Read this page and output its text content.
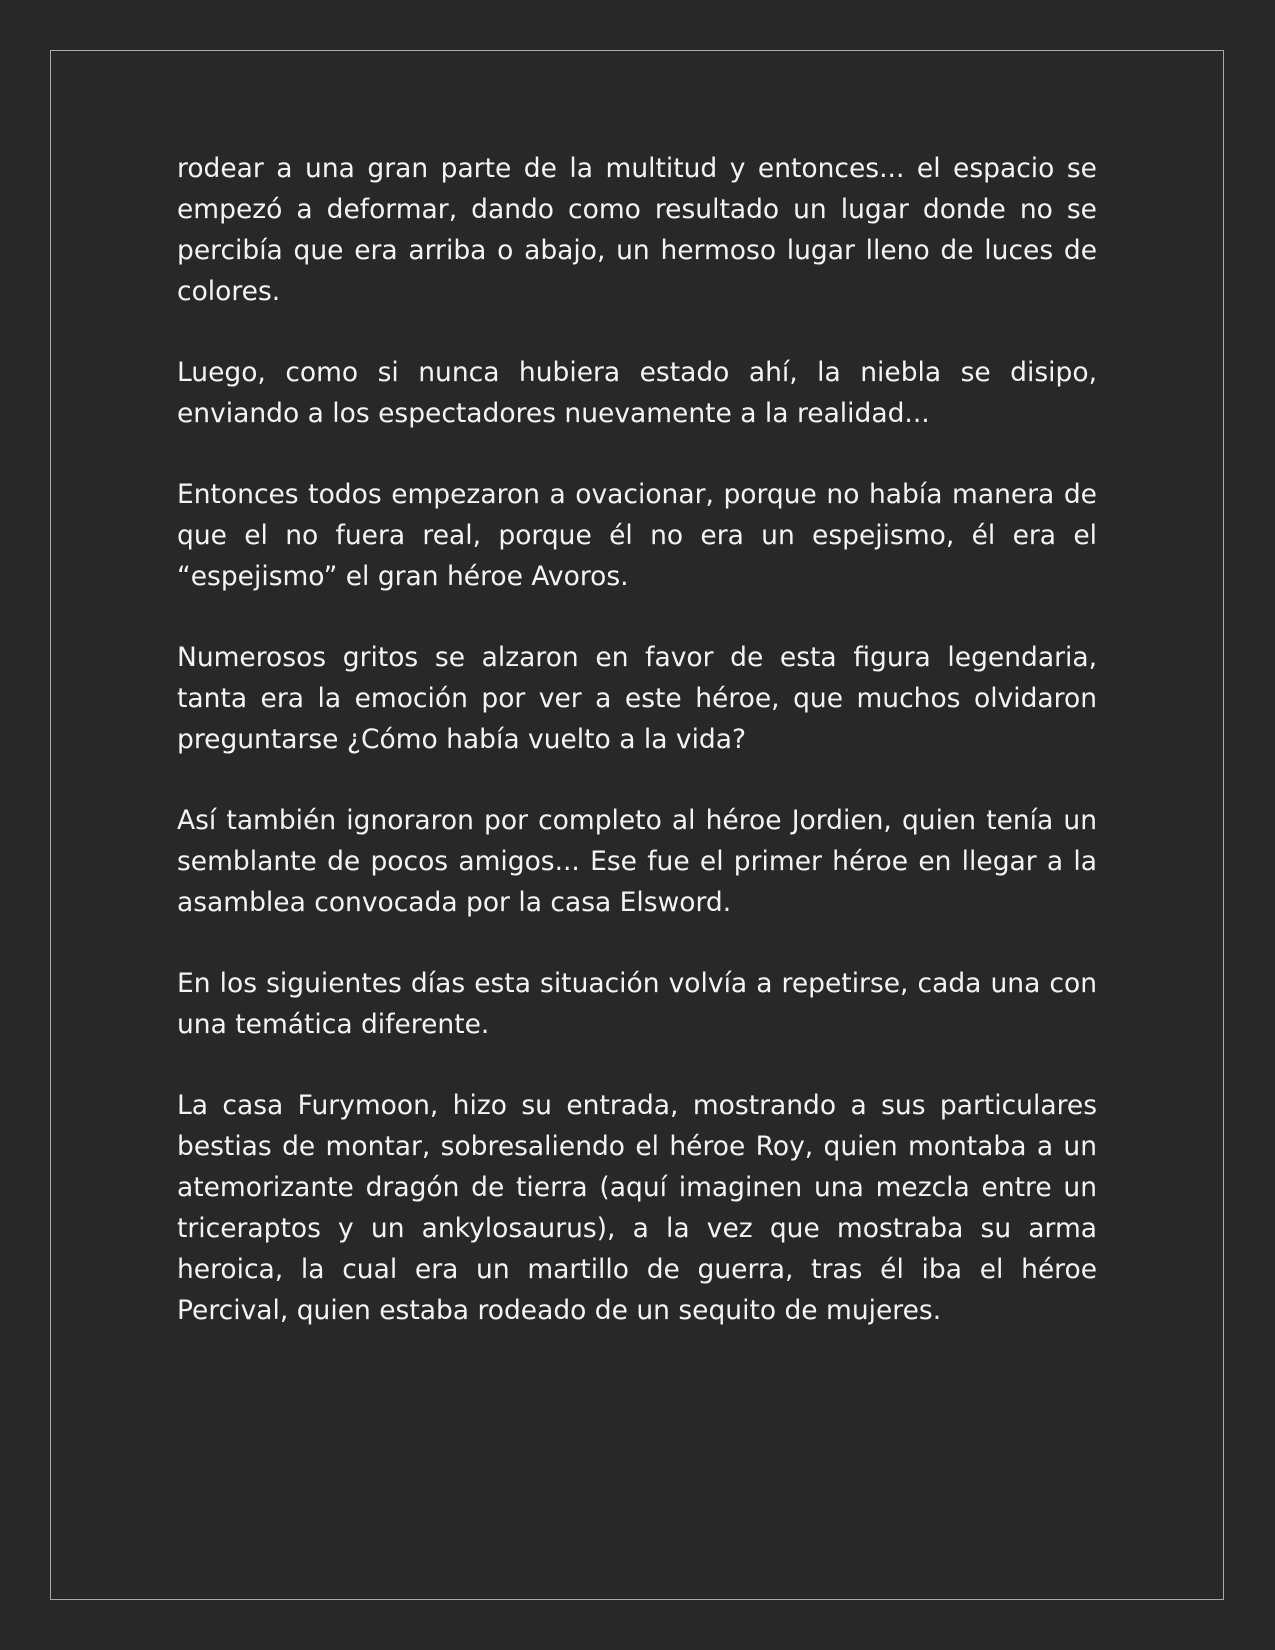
rodear a una gran parte de la multitud y entonces... el espacio se empezó a deformar, dando como resultado un lugar donde no se percibía que era arriba o abajo, un hermoso lugar lleno de luces de colores.

Luego, como si nunca hubiera estado ahí, la niebla se disipo, enviando a los espectadores nuevamente a la realidad...

Entonces todos empezaron a ovacionar, porque no había manera de que el no fuera real, porque él no era un espejismo, él era el “espejismo” el gran héroe Avoros.

Numerosos gritos se alzaron en favor de esta figura legendaria, tanta era la emoción por ver a este héroe, que muchos olvidaron preguntarse ¿Cómo había vuelto a la vida?

Así también ignoraron por completo al héroe Jordien, quien tenía un semblante de pocos amigos... Ese fue el primer héroe en llegar a la asamblea convocada por la casa Elsword.

En los siguientes días esta situación volvía a repetirse, cada una con una temática diferente.

La casa Furymoon, hizo su entrada, mostrando a sus particulares bestias de montar, sobresaliendo el héroe Roy, quien montaba a un atemorizante dragón de tierra (aquí imaginen una mezcla entre un triceraptos y un ankylosaurus), a la vez que mostraba su arma heroica, la cual era un martillo de guerra, tras él iba el héroe Percival, quien estaba rodeado de un sequito de mujeres.
